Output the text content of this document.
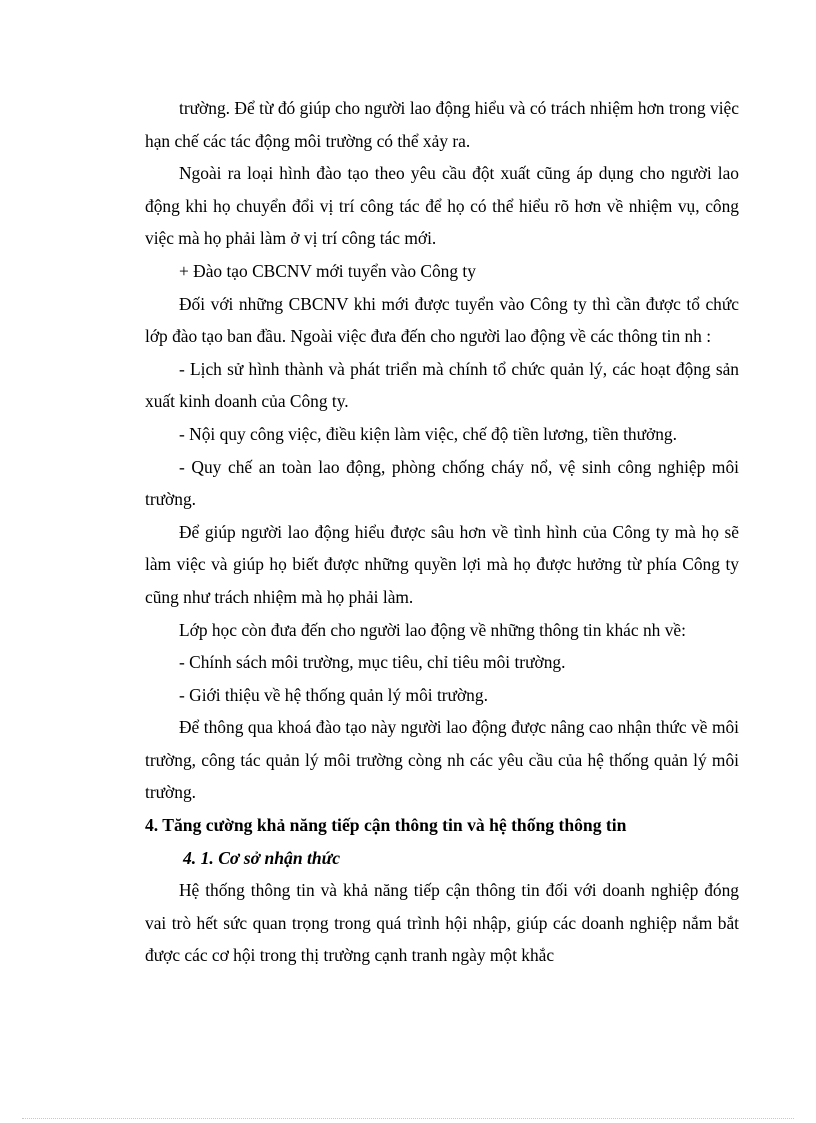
trường. Để từ đó giúp cho người lao động hiểu và có trách nhiệm hơn trong việc hạn chế các tác động môi trường có thể xảy ra.

Ngoài ra loại hình đào tạo theo yêu cầu đột xuất cũng áp dụng cho người lao động khi họ chuyển đổi vị trí công tác để họ có thể hiểu rõ hơn về nhiệm vụ, công việc mà họ phải làm ở vị trí công tác mới.

+ Đào tạo CBCNV mới tuyển vào Công ty

Đối với những CBCNV khi mới được tuyển vào Công ty thì cần được tổ chức lớp đào tạo ban đầu. Ngoài việc đưa đến cho người lao động về các thông tin nh :

- Lịch sử hình thành và phát triển mà chính tổ chức quản lý, các hoạt động sản xuất kinh doanh của Công ty.

- Nội quy công việc, điều kiện làm việc, chế độ tiền lương, tiền thưởng.

- Quy chế an toàn lao động, phòng chống cháy nổ, vệ sinh công nghiệp môi trường.

Để giúp người lao động hiểu được sâu hơn về tình hình của Công ty mà họ sẽ làm việc và giúp họ biết được những quyền lợi mà họ được hưởng từ phía Công ty cũng như trách nhiệm mà họ phải làm.

Lớp học còn đưa đến cho người lao động về những thông tin khác nh về:

- Chính sách môi trường, mục tiêu, chỉ tiêu môi trường.

- Giới thiệu về hệ thống quản lý môi trường.

Để thông qua khoá đào tạo này người lao động được nâng cao nhận thức về môi trường, công tác quản lý môi trường còng nh các yêu cầu của hệ thống quản lý môi trường.

4. Tăng cường khả năng tiếp cận thông tin và hệ thống thông tin

4. 1. Cơ sở nhận thức

Hệ thống thông tin và khả năng tiếp cận thông tin đối với doanh nghiệp đóng vai trò hết sức quan trọng trong quá trình hội nhập, giúp các doanh nghiệp nắm bắt được các cơ hội trong thị trường cạnh tranh ngày một khắc
